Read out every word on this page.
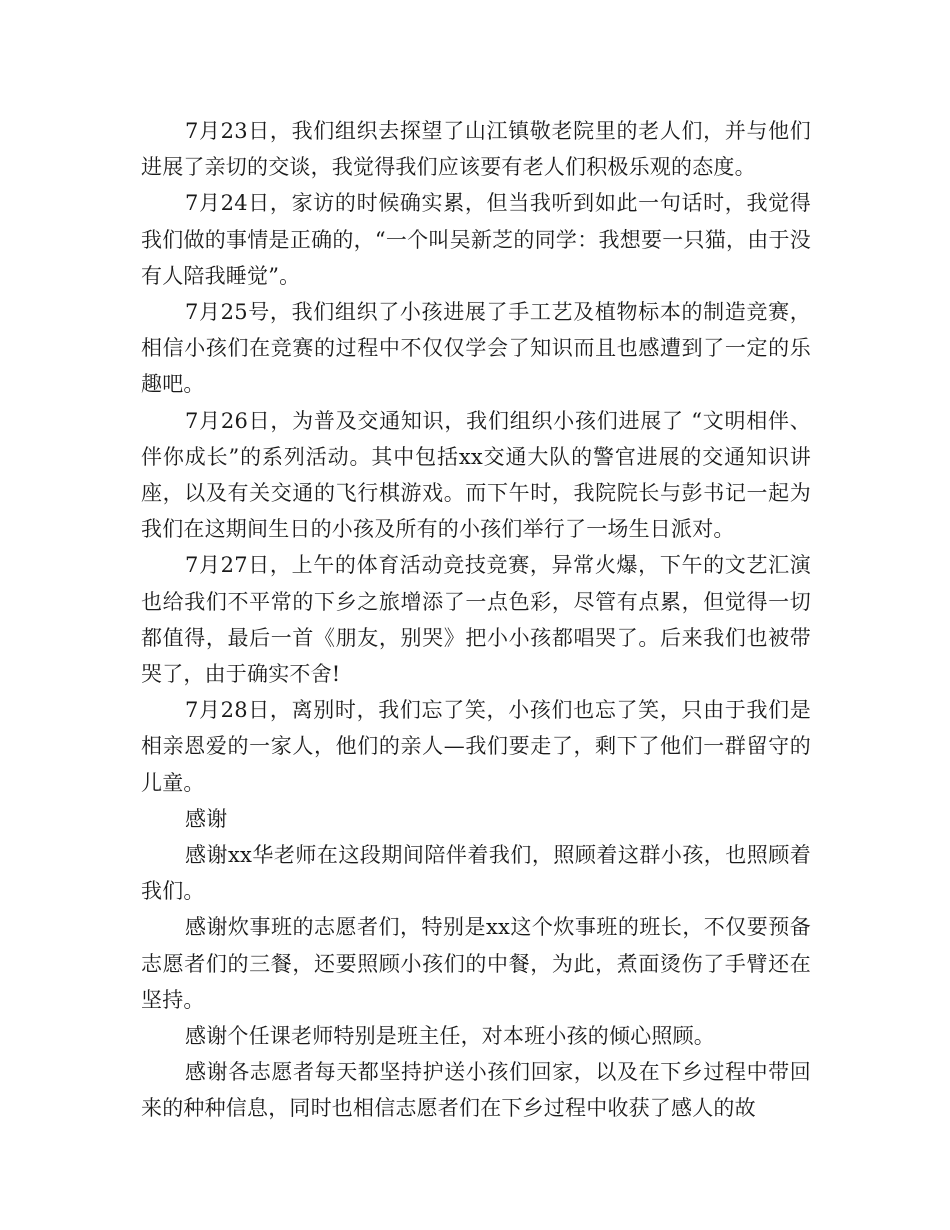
7月23日，我们组织去探望了山江镇敬老院里的老人们，并与他们进展了亲切的交谈，我觉得我们应该要有老人们积极乐观的态度。

7月24日，家访的时候确实累，但当我听到如此一句话时，我觉得我们做的事情是正确的，“一个叫吴新芝的同学：我想要一只猫，由于没有人陪我睡觉”。

7月25号，我们组织了小孩进展了手工艺及植物标本的制造竞赛，相信小孩们在竞赛的过程中不仅仅学会了知识而且也感遭到了一定的乐趣吧。

7月26日，为普及交通知识，我们组织小孩们进展了 “文明相伴、伴你成长”的系列活动。其中包括xx交通大队的警官进展的交通知识讲座，以及有关交通的飞行棋游戏。而下午时，我院院长与彭书记一起为我们在这期间生日的小孩及所有的小孩们举行了一场生日派对。

7月27日，上午的体育活动竞技竞赛，异常火爆，下午的文艺汇演也给我们不平常的下乡之旅增添了一点色彩，尽管有点累，但觉得一切都值得，最后一首《朋友，别哭》把小小孩都唱哭了。后来我们也被带哭了，由于确实不舍!

7月28日，离别时，我们忘了笑，小孩们也忘了笑，只由于我们是相亲恩爱的一家人，他们的亲人—我们要走了，剩下了他们一群留守的儿童。

感谢

感谢xx华老师在这段期间陪伴着我们，照顾着这群小孩，也照顾着我们。

感谢炊事班的志愿者们，特别是xx这个炊事班的班长，不仅要预备志愿者们的三餐，还要照顾小孩们的中餐，为此，煮面烫伤了手臂还在坚持。

感谢个任课老师特别是班主任，对本班小孩的倾心照顾。

感谢各志愿者每天都坚持护送小孩们回家，以及在下乡过程中带回来的种种信息，同时也相信志愿者们在下乡过程中收获了感人的故
